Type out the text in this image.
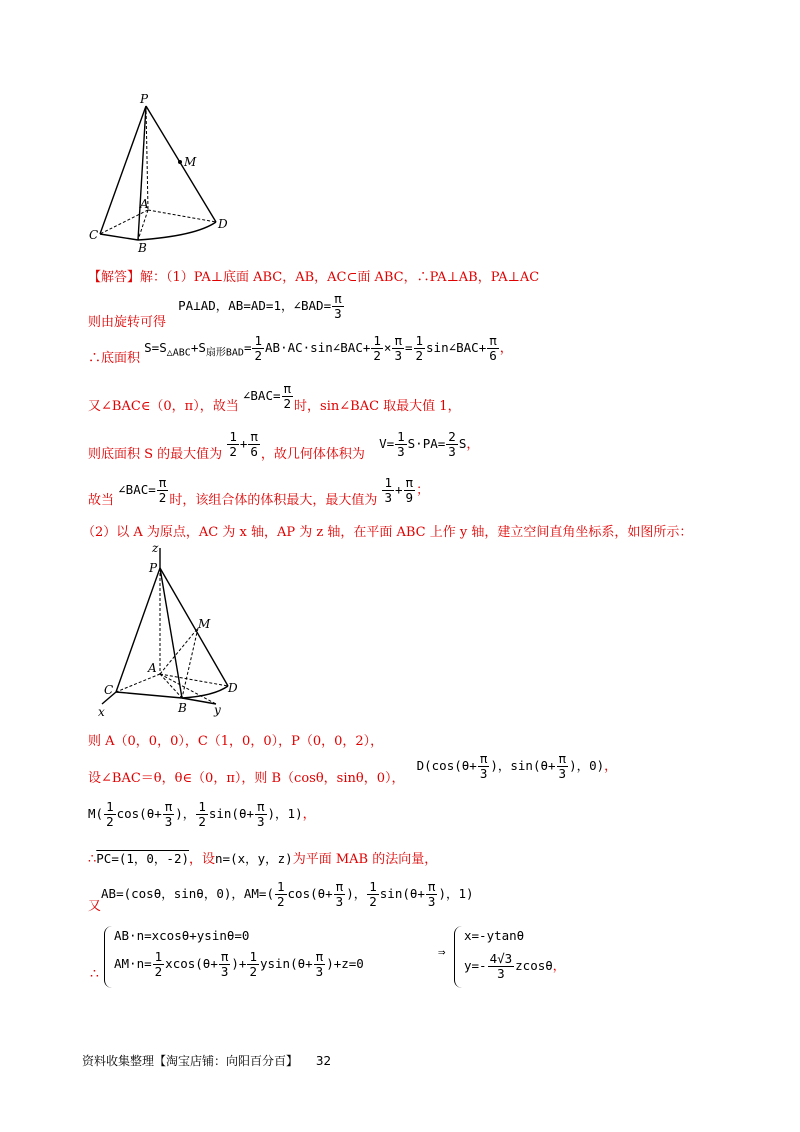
P
M
A
C
B
D
【解答】解：（1）PA⊥底面 ABC，AB，AC⊂面 ABC，∴PA⊥AB，PA⊥AC
则由旋转可得 PA⊥AD，AB=AD=1，∠BAD= $\frac{\pi}{3}$
∴底面积 $S=S_{\triangle ABC}+S_{扇形BAD}= \frac{1}{2}$ AB·AC·sin∠BAC+ $\frac{1}{2} \times \frac{\pi}{3} = \frac{1}{2}$ sin∠BAC+ $\frac{\pi}{6}$ ，
又∠BAC∈（0，π），故当 ∠BAC= $\frac{\pi}{2}$ 时，sin∠BAC 取最大值 1，
则底面积 S 的最大值为 $\frac{1}{2} + \frac{\pi}{6}$ ，故几何体体积为 $V= \frac{1}{3} S\cdot PA= \frac{2}{3}$ S，
故当 ∠BAC= $\frac{\pi}{2}$ 时，该组合体的体积最大，最大值为 $\frac{1}{3} + \frac{\pi}{9}$ ；
（2）以 A 为原点，AC 为 x 轴，AP 为 z 轴，在平面 ABC 上作 y 轴，建立空间直角坐标系，如图所示：
z
P
M
A
C
B
D
x	y
则 A（0，0，0），C（1，0，0），P（0，0，2），
设∠BAC＝θ，θ∈（0，π），则 B（cosθ，sinθ，0）， $D(\cos(\theta+ \frac{\pi}{3}$ )，$\sin(\theta+ \frac{\pi}{3}$ )，0)，
$M( \frac{1}{2} \cos(\theta+ \frac{\pi}{3}$ )， $\frac{1}{2} \sin(\theta+ \frac{\pi}{3}$ )，1)，
∴PC=(1，0，-2)，设n=(x，y，z)为平面 MAB 的法向量，
又AB=(cosθ，sinθ，0)，$AM=( \frac{1}{2} \cos(\theta+ \frac{\pi}{3}$ )， $\frac{1}{2} \sin(\theta+ \frac{\pi}{3}$ )，1)
∴
AB·n=xcosθ+ysinθ=0
$AM\cdot n= \frac{1}{2} xcos(\theta+ \frac{\pi}{3}$ )+ $\frac{1}{2} ysin(\theta+ \frac{\pi}{3} )+z=0$
⇒
x=-ytanθ
$y=- \frac{4√3}{3}$ zcosθ，
资料收集整理【淘宝店铺：向阳百分百】 32
